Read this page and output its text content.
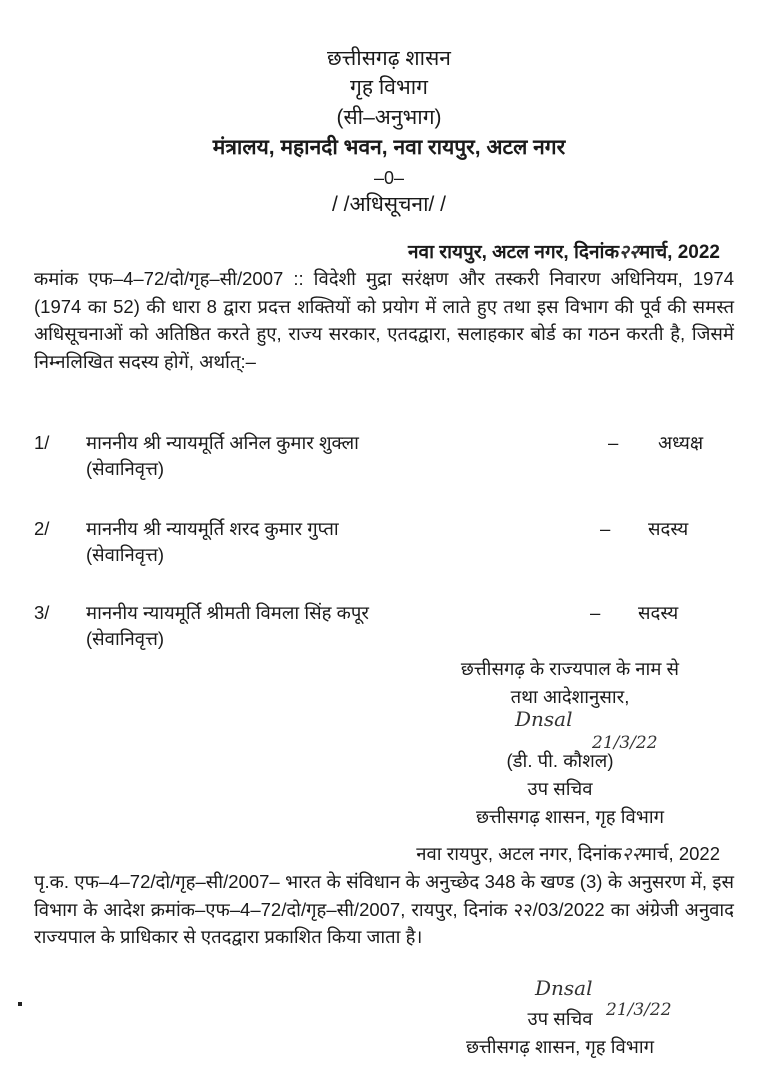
छत्तीसगढ़ शासन
गृह विभाग
(सी–अनुभाग)
मंत्रालय, महानदी भवन, नवा रायपुर, अटल नगर
–0–
/ /अधिसूचना/ /
नवा रायपुर, अटल नगर, दिनांक२२मार्च, 2022
कमांक एफ–4–72/दो/गृह–सी/2007 :: विदेशी मुद्रा सरंक्षण और तस्करी निवारण अधिनियम, 1974 (1974 का 52) की धारा 8 द्वारा प्रदत्त शक्तियों को प्रयोग में लाते हुए तथा इस विभाग की पूर्व की समस्त अधिसूचनाओं को अतिष्ठित करते हुए, राज्य सरकार, एतदद्वारा, सलाहकार बोर्ड का गठन करती है, जिसमें निम्नलिखित सदस्य होगें, अर्थात्:–
1/ माननीय श्री न्यायमूर्ति अनिल कुमार शुक्ला
(सेवानिवृत्त)
– अध्यक्ष
2/ माननीय श्री न्यायमूर्ति शरद कुमार गुप्ता
(सेवानिवृत्त)
– सदस्य
3/ माननीय न्यायमूर्ति श्रीमती विमला सिंह कपूर
(सेवानिवृत्त)
– सदस्य
छत्तीसगढ़ के राज्यपाल के नाम से
तथा आदेशानुसार,
Dnsal
21/3/22
(डी. पी. कौशल)
उप सचिव
छत्तीसगढ़ शासन, गृह विभाग
नवा रायपुर, अटल नगर, दिनांक२२मार्च, 2022
पृ.क. एफ–4–72/दो/गृह–सी/2007– भारत के संविधान के अनुच्छेद 348 के खण्ड (3) के अनुसरण में, इस विभाग के आदेश क्रमांक–एफ–4–72/दो/गृह–सी/2007, रायपुर, दिनांक २२/03/2022 का अंग्रेजी अनुवाद राज्यपाल के प्राधिकार से एतदद्वारा प्रकाशित किया जाता है।
Dnsal
21/3/22
उप सचिव
छत्तीसगढ़ शासन, गृह विभाग
